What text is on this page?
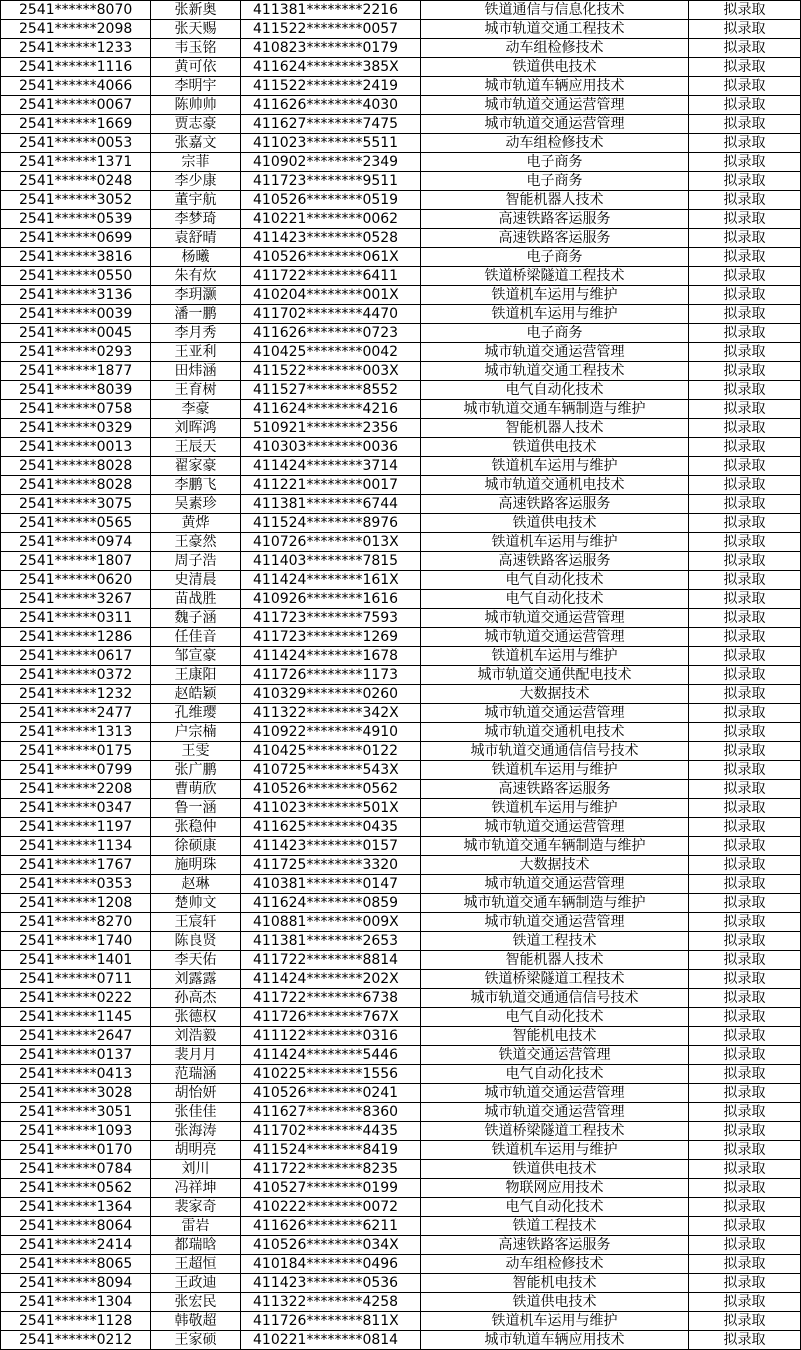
2541******8070	张新奥	411381********2216	铁道通信与信息化技术	拟录取
2541******2098	张天赐	411522********0057	城市轨道交通工程技术	拟录取
2541******1233	韦玉铭	410823********0179	动车组检修技术	拟录取
2541******1116	黄可依	411624********385X	铁道供电技术	拟录取
2541******4066	李明宇	411522********2419	城市轨道车辆应用技术	拟录取
2541******0067	陈帅帅	411626********4030	城市轨道交通运营管理	拟录取
2541******1669	贾志豪	411627********7475	城市轨道交通运营管理	拟录取
2541******0053	张嘉文	411023********5511	动车组检修技术	拟录取
2541******1371	宗菲	410902********2349	电子商务	拟录取
2541******0248	李少康	411723********9511	电子商务	拟录取
2541******3052	董宇航	410526********0519	智能机器人技术	拟录取
2541******0539	李梦琦	410221********0062	高速铁路客运服务	拟录取
2541******0699	袁舒晴	411423********0528	高速铁路客运服务	拟录取
2541******3816	杨曦	410526********061X	电子商务	拟录取
2541******0550	朱有炊	411722********6411	铁道桥梁隧道工程技术	拟录取
2541******3136	李玥灏	410204********001X	铁道机车运用与维护	拟录取
2541******0039	潘一鹏	411702********4470	铁道机车运用与维护	拟录取
2541******0045	李月秀	411626********0723	电子商务	拟录取
2541******0293	王亚利	410425********0042	城市轨道交通运营管理	拟录取
2541******1877	田炜涵	411522********003X	城市轨道交通工程技术	拟录取
2541******8039	王育树	411527********8552	电气自动化技术	拟录取
2541******0758	李豪	411624********4216	城市轨道交通车辆制造与维护	拟录取
2541******0329	刘晖鸿	510921********2356	智能机器人技术	拟录取
2541******0013	王辰天	410303********0036	铁道供电技术	拟录取
2541******8028	翟家豪	411424********3714	铁道机车运用与维护	拟录取
2541******8028	李鹏飞	411221********0017	城市轨道交通机电技术	拟录取
2541******3075	吴素珍	411381********6744	高速铁路客运服务	拟录取
2541******0565	黄烨	411524********8976	铁道供电技术	拟录取
2541******0974	王豪然	410726********013X	铁道机车运用与维护	拟录取
2541******1807	周子浩	411403********7815	高速铁路客运服务	拟录取
2541******0620	史清晨	411424********161X	电气自动化技术	拟录取
2541******3267	苗战胜	410926********1616	电气自动化技术	拟录取
2541******0311	魏子涵	411723********7593	城市轨道交通运营管理	拟录取
2541******1286	任佳音	411723********1269	城市轨道交通运营管理	拟录取
2541******0617	邹宣豪	411424********1678	铁道机车运用与维护	拟录取
2541******0372	王康阳	411726********1173	城市轨道交通供配电技术	拟录取
2541******1232	赵皓颖	410329********0260	大数据技术	拟录取
2541******2477	孔维璎	411322********342X	城市轨道交通运营管理	拟录取
2541******1313	户宗楠	410922********4910	城市轨道交通机电技术	拟录取
2541******0175	王雯	410425********0122	城市轨道交通通信信号技术	拟录取
2541******0799	张广鹏	410725********543X	铁道机车运用与维护	拟录取
2541******2208	曹萌欣	410526********0562	高速铁路客运服务	拟录取
2541******0347	鲁一涵	411023********501X	铁道机车运用与维护	拟录取
2541******1197	张稳仲	411625********0435	城市轨道交通运营管理	拟录取
2541******1134	徐硕康	411423********0157	城市轨道交通车辆制造与维护	拟录取
2541******1767	施明珠	411725********3320	大数据技术	拟录取
2541******0353	赵琳	410381********0147	城市轨道交通运营管理	拟录取
2541******1208	楚帅文	411624********0859	城市轨道交通车辆制造与维护	拟录取
2541******8270	王宸轩	410881********009X	城市轨道交通运营管理	拟录取
2541******1740	陈良贤	411381********2653	铁道工程技术	拟录取
2541******1401	李天佑	411722********8814	智能机器人技术	拟录取
2541******0711	刘露露	411424********202X	铁道桥梁隧道工程技术	拟录取
2541******0222	孙高杰	411722********6738	城市轨道交通通信信号技术	拟录取
2541******1145	张德权	411726********767X	电气自动化技术	拟录取
2541******2647	刘浩毅	411122********0316	智能机电技术	拟录取
2541******0137	裴月月	411424********5446	铁道交通运营管理	拟录取
2541******0413	范瑞涵	410225********1556	电气自动化技术	拟录取
2541******3028	胡怡妍	410526********0241	城市轨道交通运营管理	拟录取
2541******3051	张佳佳	411627********8360	城市轨道交通运营管理	拟录取
2541******1093	张海涛	411702********4435	铁道桥梁隧道工程技术	拟录取
2541******0170	胡明亮	411524********8419	铁道机车运用与维护	拟录取
2541******0784	刘川	411722********8235	铁道供电技术	拟录取
2541******0562	冯祥坤	410527********0199	物联网应用技术	拟录取
2541******1364	裴家奇	410222********0072	电气自动化技术	拟录取
2541******8064	雷岩	411626********6211	铁道工程技术	拟录取
2541******2414	都瑞晗	410526********034X	高速铁路客运服务	拟录取
2541******8065	王超恒	410184********0496	动车组检修技术	拟录取
2541******8094	王政迪	411423********0536	智能机电技术	拟录取
2541******1304	张宏民	411322********4258	铁道供电技术	拟录取
2541******1128	韩敬超	411726********811X	铁道机车运用与维护	拟录取
2541******0212	王家硕	410221********0814	城市轨道车辆应用技术	拟录取
